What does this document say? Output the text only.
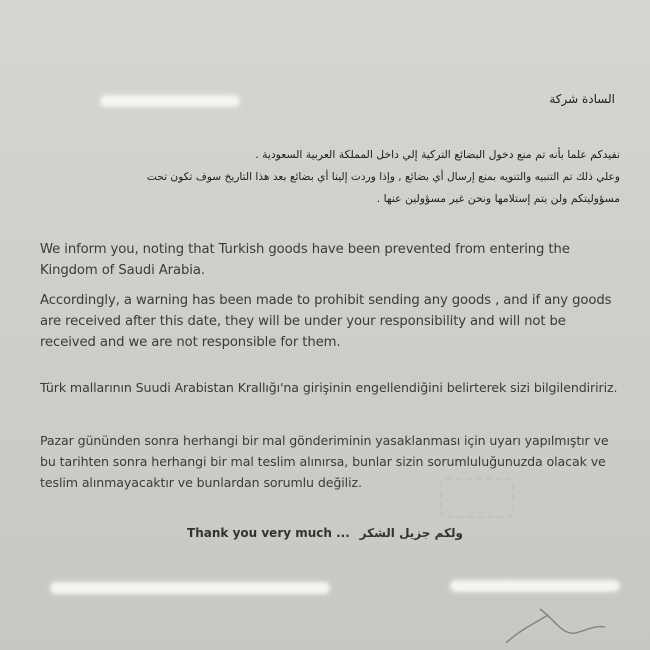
السادة شركة
نفيدكم علما بأنه تم منع دخول البضائع التركية إلي داخل المملكة العربية السعودية .
وعلي ذلك تم التنبيه والتنويه بمنع إرسال أي بضائع , وإذا وردت إلينا أي بضائع بعد هذا التاريخ سوف تكون تحت
مسؤوليتكم ولن يتم إستلامها ونحن غير مسؤولين عنها .
We inform you, noting that Turkish goods have been prevented from entering the Kingdom of Saudi Arabia.
Accordingly, a warning has been made to prohibit sending any goods , and if any goods are received after this date, they will be under your responsibility and will not be received and we are not responsible for them.
Türk mallarının Suudi Arabistan Krallığı'na girişinin engellendiğini belirterek sizi bilgilendiririz.
Pazar gününden sonra herhangi bir mal gönderiminin yasaklanması için uyarı yapılmıştır ve bu tarihten sonra herhangi bir mal teslim alınırsa, bunlar sizin sorumluluğunuzda olacak ve teslim alınmayacaktır ve bunlardan sorumlu değiliz.
Thank you very much ... ولكم جزيل الشكر
